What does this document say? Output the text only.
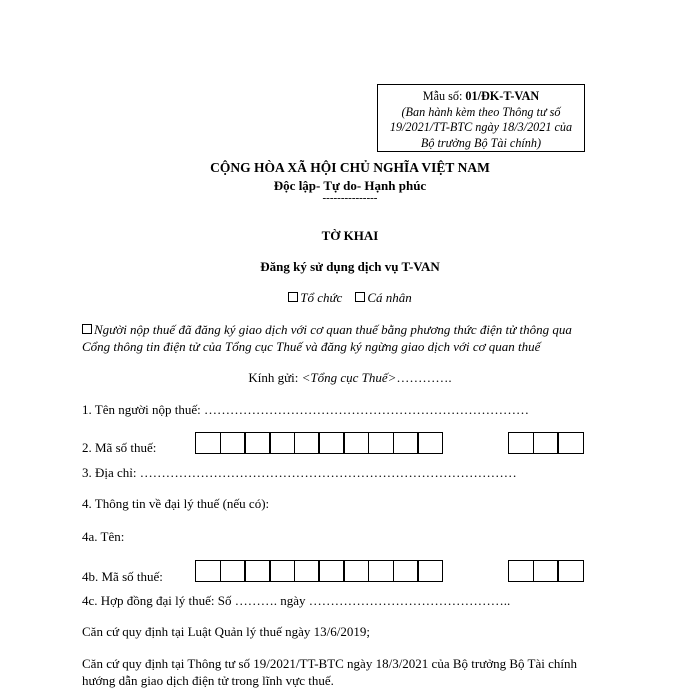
Mẫu số: 01/ĐK-T-VAN
(Ban hành kèm theo Thông tư số
19/2021/TT-BTC ngày 18/3/2021 của
Bộ trưởng Bộ Tài chính)
CỘNG HÒA XÃ HỘI CHỦ NGHĨA VIỆT NAM
Độc lập- Tự do- Hạnh phúc
---------------
TỜ KHAI
Đăng ký sử dụng dịch vụ T-VAN
Tổ chức Cá nhân
Người nộp thuế đã đăng ký giao dịch với cơ quan thuế bằng phương thức điện tử thông qua
Cổng thông tin điện tử của Tổng cục Thuế và đăng ký ngừng giao dịch với cơ quan thuế
Kính gửi: <Tổng cục Thuế>………….
1. Tên người nộp thuế: …………………………………………………………………
2. Mã số thuế:
3. Địa chỉ: ……………………………………………………………………………
4. Thông tin về đại lý thuế (nếu có):
4a. Tên:
4b. Mã số thuế:
4c. Hợp đồng đại lý thuế: Số ………. ngày ………………………………………..
Căn cứ quy định tại Luật Quản lý thuế ngày 13/6/2019;
Căn cứ quy định tại Thông tư số 19/2021/TT-BTC ngày 18/3/2021 của Bộ trưởng Bộ Tài chính
hướng dẫn giao dịch điện tử trong lĩnh vực thuế.
